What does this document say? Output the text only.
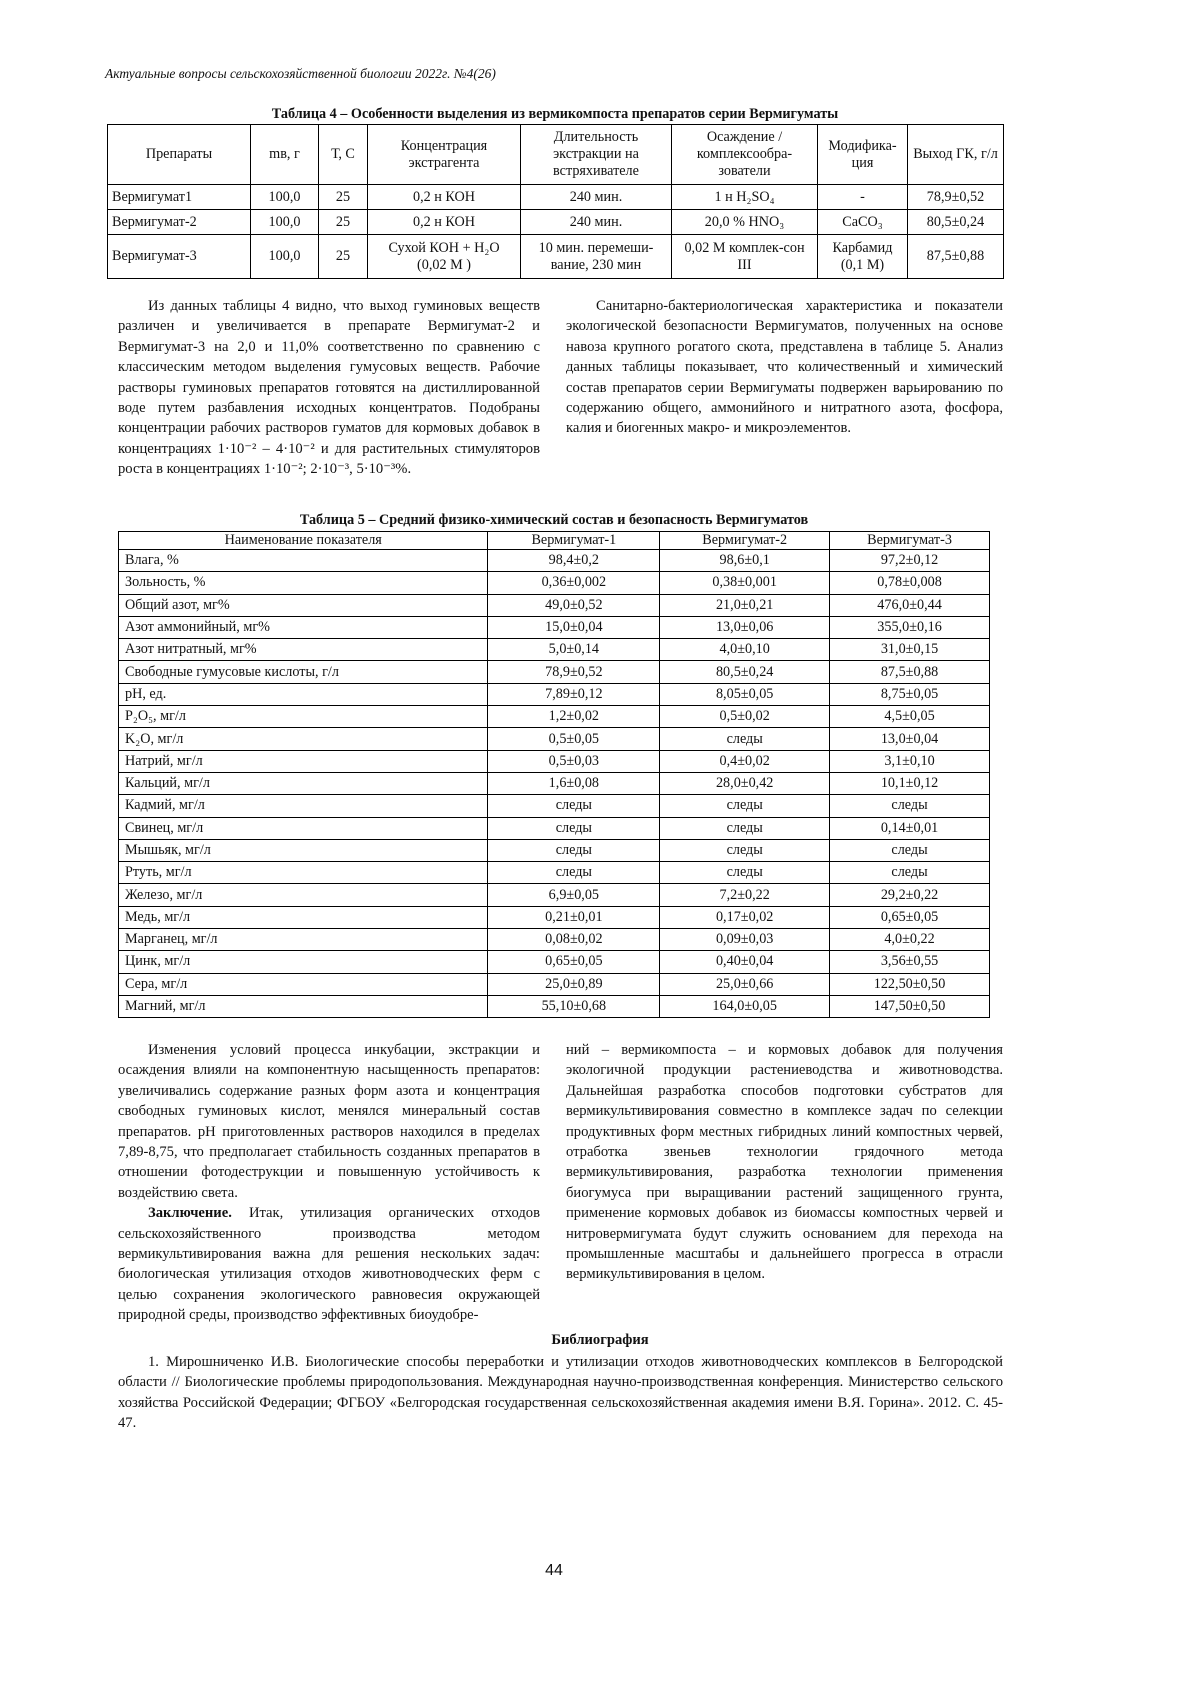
Актуальные вопросы сельскохозяйственной биологии 2022г. №4(26)
Таблица 4 – Особенности выделения из вермикомпоста препаратов серии Вермигуматы
Препараты	mв, г	Т, С	Концентрация экстрагента	Длительность экстракции на встряхивателе	Осаждение / комплексообра-зователи	Модифика-ция	Выход ГК, г/л
Вермигумат1	100,0	25	0,2 н КОН	240 мин.	1 н H₂SO₄	-	78,9±0,52
Вермигумат-2	100,0	25	0,2 н КОН	240 мин.	20,0 % HNO₃	CaCO₃	80,5±0,24
Вермигумат-3	100,0	25	Сухой КОН + H₂O (0,02 M )	10 мин. перемеши-вание, 230 мин	0,02 М комплек-сон III	Карбамид (0,1 М)	87,5±0,88

Из данных таблицы 4 видно, что выход гуминовых веществ различен и увеличивается в препарате Вермигумат-2 и Вермигумат-3 на 2,0 и 11,0% соответственно по сравнению с классическим методом выделения гумусовых веществ. Рабочие растворы гуминовых препаратов готовятся на дистиллированной воде путем разбавления исходных концентратов. Подобраны концентрации рабочих растворов гуматов для кормовых добавок в концентрациях 1·10⁻² – 4·10⁻² и для растительных стимуляторов роста в концентрациях 1·10⁻²; 2·10⁻³, 5·10⁻³%.

Санитарно-бактериологическая характеристика и показатели экологической безопасности Вермигуматов, полученных на основе навоза крупного рогатого скота, представлена в таблице 5. Анализ данных таблицы показывает, что количественный и химический состав препаратов серии Вермигуматы подвержен варьированию по содержанию общего, аммонийного и нитратного азота, фосфора, калия и биогенных макро- и микроэлементов.

Таблица 5 – Средний физико-химический состав и безопасность Вермигуматов
Наименование показателя	Вермигумат-1	Вермигумат-2	Вермигумат-3
Влага, %	98,4±0,2	98,6±0,1	97,2±0,12
Зольность, %	0,36±0,002	0,38±0,001	0,78±0,008
Общий азот, мг%	49,0±0,52	21,0±0,21	476,0±0,44
Азот аммонийный, мг%	15,0±0,04	13,0±0,06	355,0±0,16
Азот нитратный, мг%	5,0±0,14	4,0±0,10	31,0±0,15
Свободные гумусовые кислоты, г/л	78,9±0,52	80,5±0,24	87,5±0,88
pH, ед.	7,89±0,12	8,05±0,05	8,75±0,05
P₂O₅, мг/л	1,2±0,02	0,5±0,02	4,5±0,05
K₂O, мг/л	0,5±0,05	следы	13,0±0,04
Натрий, мг/л	0,5±0,03	0,4±0,02	3,1±0,10
Кальций, мг/л	1,6±0,08	28,0±0,42	10,1±0,12
Кадмий, мг/л	следы	следы	следы
Свинец, мг/л	следы	следы	0,14±0,01
Мышьяк, мг/л	следы	следы	следы
Ртуть, мг/л	следы	следы	следы
Железо, мг/л	6,9±0,05	7,2±0,22	29,2±0,22
Медь, мг/л	0,21±0,01	0,17±0,02	0,65±0,05
Марганец, мг/л	0,08±0,02	0,09±0,03	4,0±0,22
Цинк, мг/л	0,65±0,05	0,40±0,04	3,56±0,55
Сера, мг/л	25,0±0,89	25,0±0,66	122,50±0,50
Магний, мг/л	55,10±0,68	164,0±0,05	147,50±0,50

Изменения условий процесса инкубации, экстракции и осаждения влияли на компонентную насыщенность препаратов: увеличивались содержание разных форм азота и концентрация свободных гуминовых кислот, менялся минеральный состав препаратов. pH приготовленных растворов находился в пределах 7,89-8,75, что предполагает стабильность созданных препаратов в отношении фотодеструкции и повышенную устойчивость к воздействию света.

Заключение. Итак, утилизация органических отходов сельскохозяйственного производства методом вермикультивирования важна для решения нескольких задач: биологическая утилизация отходов животноводческих ферм с целью сохранения экологического равновесия окружающей природной среды, производство эффективных биоудобре-

ний – вермикомпоста – и кормовых добавок для получения экологичной продукции растениеводства и животноводства. Дальнейшая разработка способов подготовки субстратов для вермикультивирования совместно в комплексе задач по селекции продуктивных форм местных гибридных линий компостных червей, отработка звеньев технологии грядочного метода вермикультивирования, разработка технологии применения биогумуса при выращивании растений защищенного грунта, применение кормовых добавок из биомассы компостных червей и нитровермигумата будут служить основанием для перехода на промышленные масштабы и дальнейшего прогресса в отрасли вермикультивирования в целом.

Библиография
1. Мирошниченко И.В. Биологические способы переработки и утилизации отходов животноводческих комплексов в Белгородской области // Биологические проблемы природопользования. Международная научно-производственная конференция. Министерство сельского хозяйства Российской Федерации; ФГБОУ «Белгородская государственная сельскохозяйственная академия имени В.Я. Горина». 2012. С. 45-47.
44
